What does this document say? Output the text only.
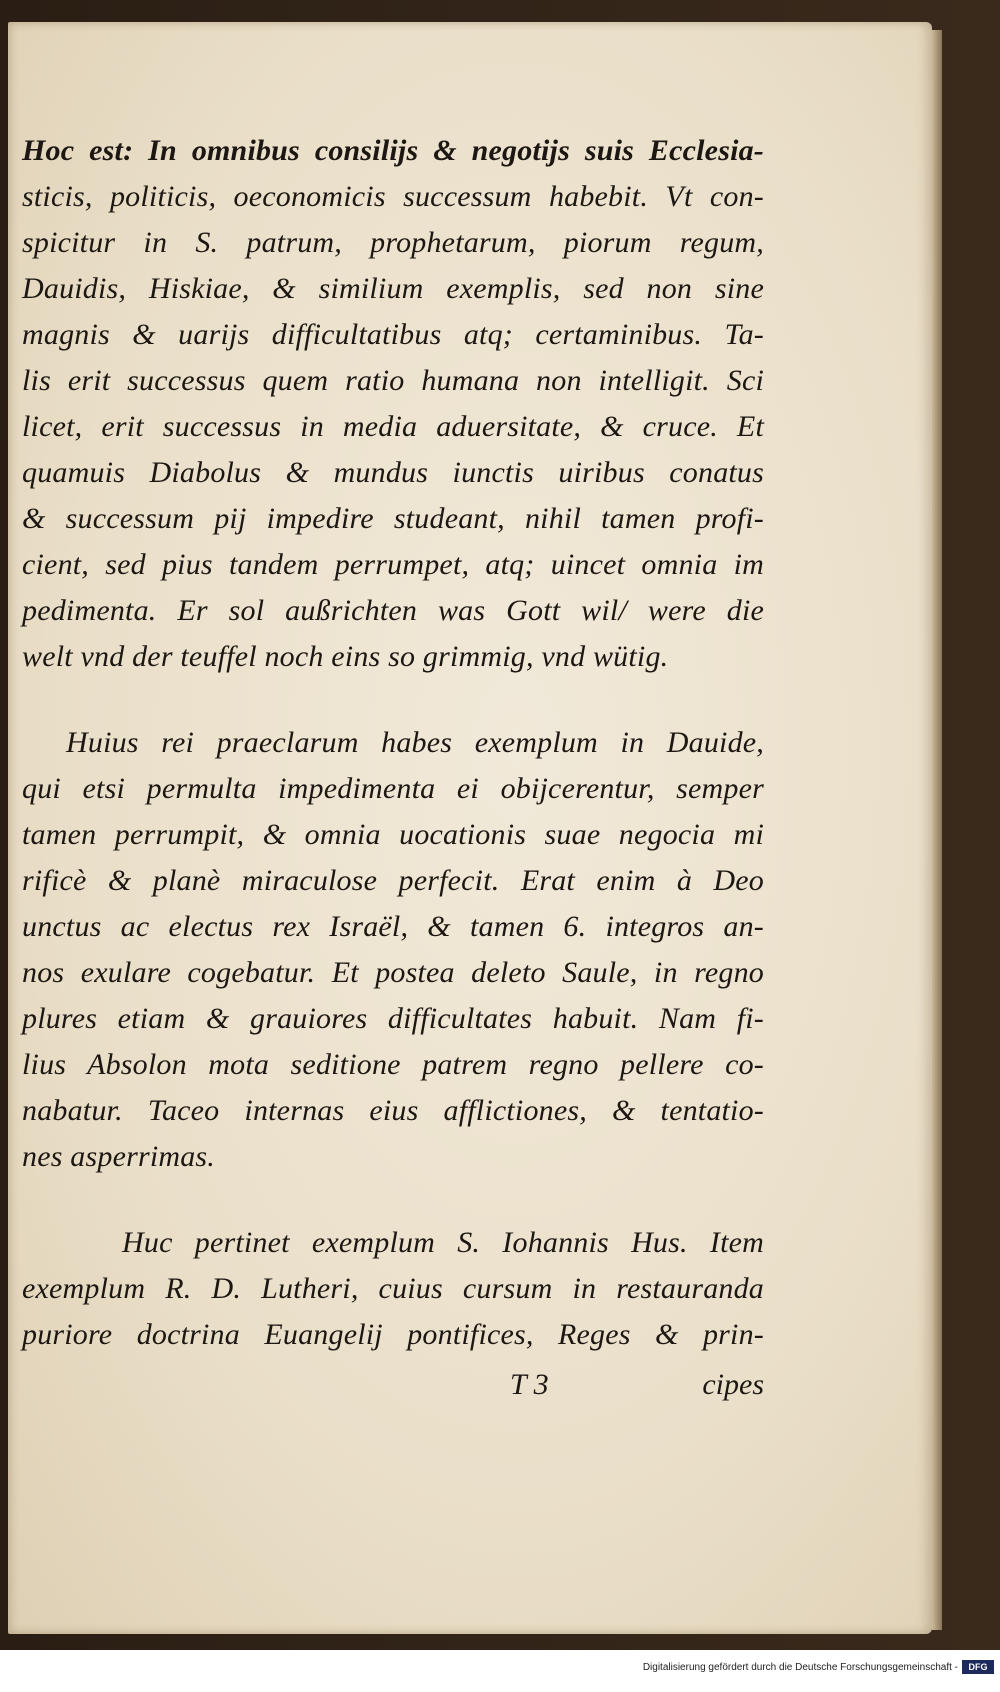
Hoc est: In omnibus consilijs & negotijs suis Ecclesia-
sticis, politicis, oeconomicis successum habebit. Vt con-
spicitur in S. patrum, prophetarum, piorum regum,
Dauidis, Hiskiae, & similium exemplis, sed non sine
magnis & uarijs difficultatibus atq; certaminibus. Ta-
lis erit successus quem ratio humana non intelligit. Sci
licet, erit successus in media aduersitate, & cruce. Et
quamuis Diabolus & mundus iunctis uiribus conatus
& successum pij impedire studeant, nihil tamen profi-
cient, sed pius tandem perrumpet, atq; uincet omnia im
pedimenta. Er sol außrichten was Gott wil/ were die
welt vnd der teuffel noch eins so grimmig, vnd wütig.
Huius rei praeclarum habes exemplum in Dauide,
qui etsi permulta impedimenta ei obijcerentur, semper
tamen perrumpit, & omnia uocationis suae negocia mi
rificè & planè miraculose perfecit. Erat enim à Deo
unctus ac electus rex Israël, & tamen 6. integros an-
nos exulare cogebatur. Et postea deleto Saule, in regno
plures etiam & grauiores difficultates habuit. Nam fi-
lius Absolon mota seditione patrem regno pellere co-
nabatur. Taceo internas eius afflictiones, & tentatio-
nes asperrimas.
Huc pertinet exemplum S. Iohannis Hus. Item
exemplum R. D. Lutheri, cuius cursum in restauranda
puriore doctrina Euangelij pontifices, Reges & prin-
T 3	cipes
Digitalisierung gefördert durch die Deutsche Forschungsgemeinschaft -	DFG
